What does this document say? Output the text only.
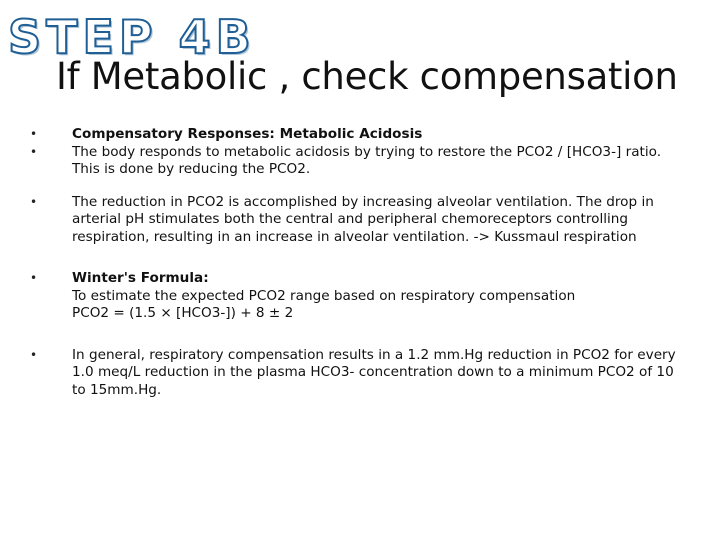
STEP 4B
If Metabolic , check compensation
•	Compensatory Responses: Metabolic Acidosis
•	The body responds to metabolic acidosis by trying to restore the PCO2 / [HCO3-] ratio. This is done by reducing the PCO2.
•	The reduction in PCO2 is accomplished by increasing alveolar ventilation. The drop in arterial pH stimulates both the central and peripheral chemoreceptors controlling respiration, resulting in an increase in alveolar ventilation. -> Kussmaul respiration
•	Winter's Formula:
To estimate the expected PCO2 range based on respiratory compensation
PCO2 = (1.5 × [HCO3-]) + 8 ± 2
•	In general, respiratory compensation results in a 1.2 mm.Hg reduction in PCO2 for every 1.0 meq/L reduction in the plasma HCO3- concentration down to a minimum PCO2 of 10 to 15mm.Hg.
